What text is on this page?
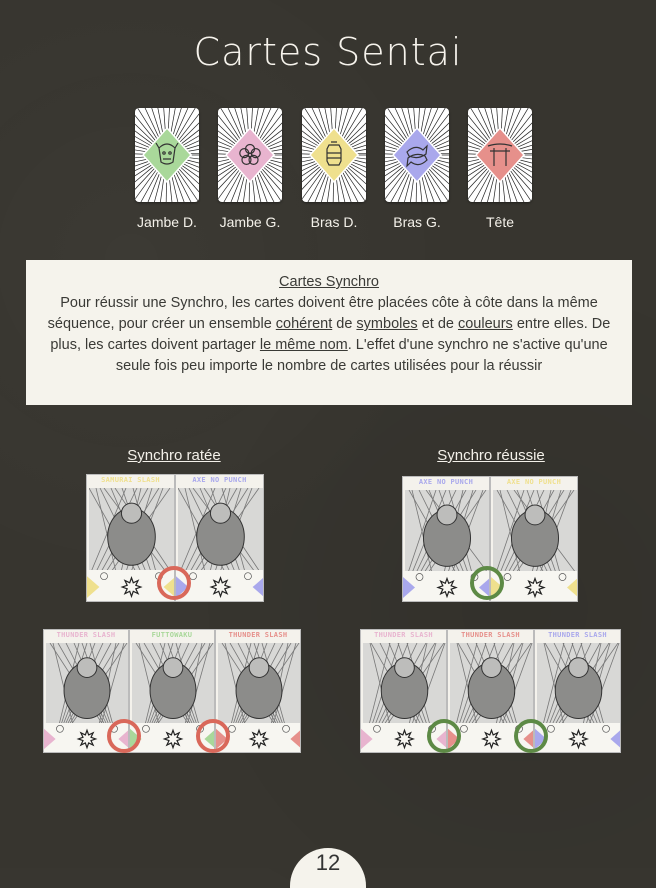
Cartes Sentai
Jambe D.	Jambe G.	Bras D.	Bras G.	Tête
Cartes Synchro
Pour réussir une Synchro, les cartes doivent être placées côte à côte dans la même séquence, pour créer un ensemble cohérent de symboles et de couleurs entre elles. De plus, les cartes doivent partager le même nom. L'effet d'une synchro ne s'active qu'une seule fois peu importe le nombre de cartes utilisées pour la réussir
Synchro ratée	Synchro réussie
SAMURAI SLASH	AXE NO PUNCH	AXE NO PUNCH	AXE NO PUNCH
THUNDER SLASH	FUTTOWAKU	THUNDER SLASH	THUNDER SLASH	THUNDER SLASH	THUNDER SLASH
12
